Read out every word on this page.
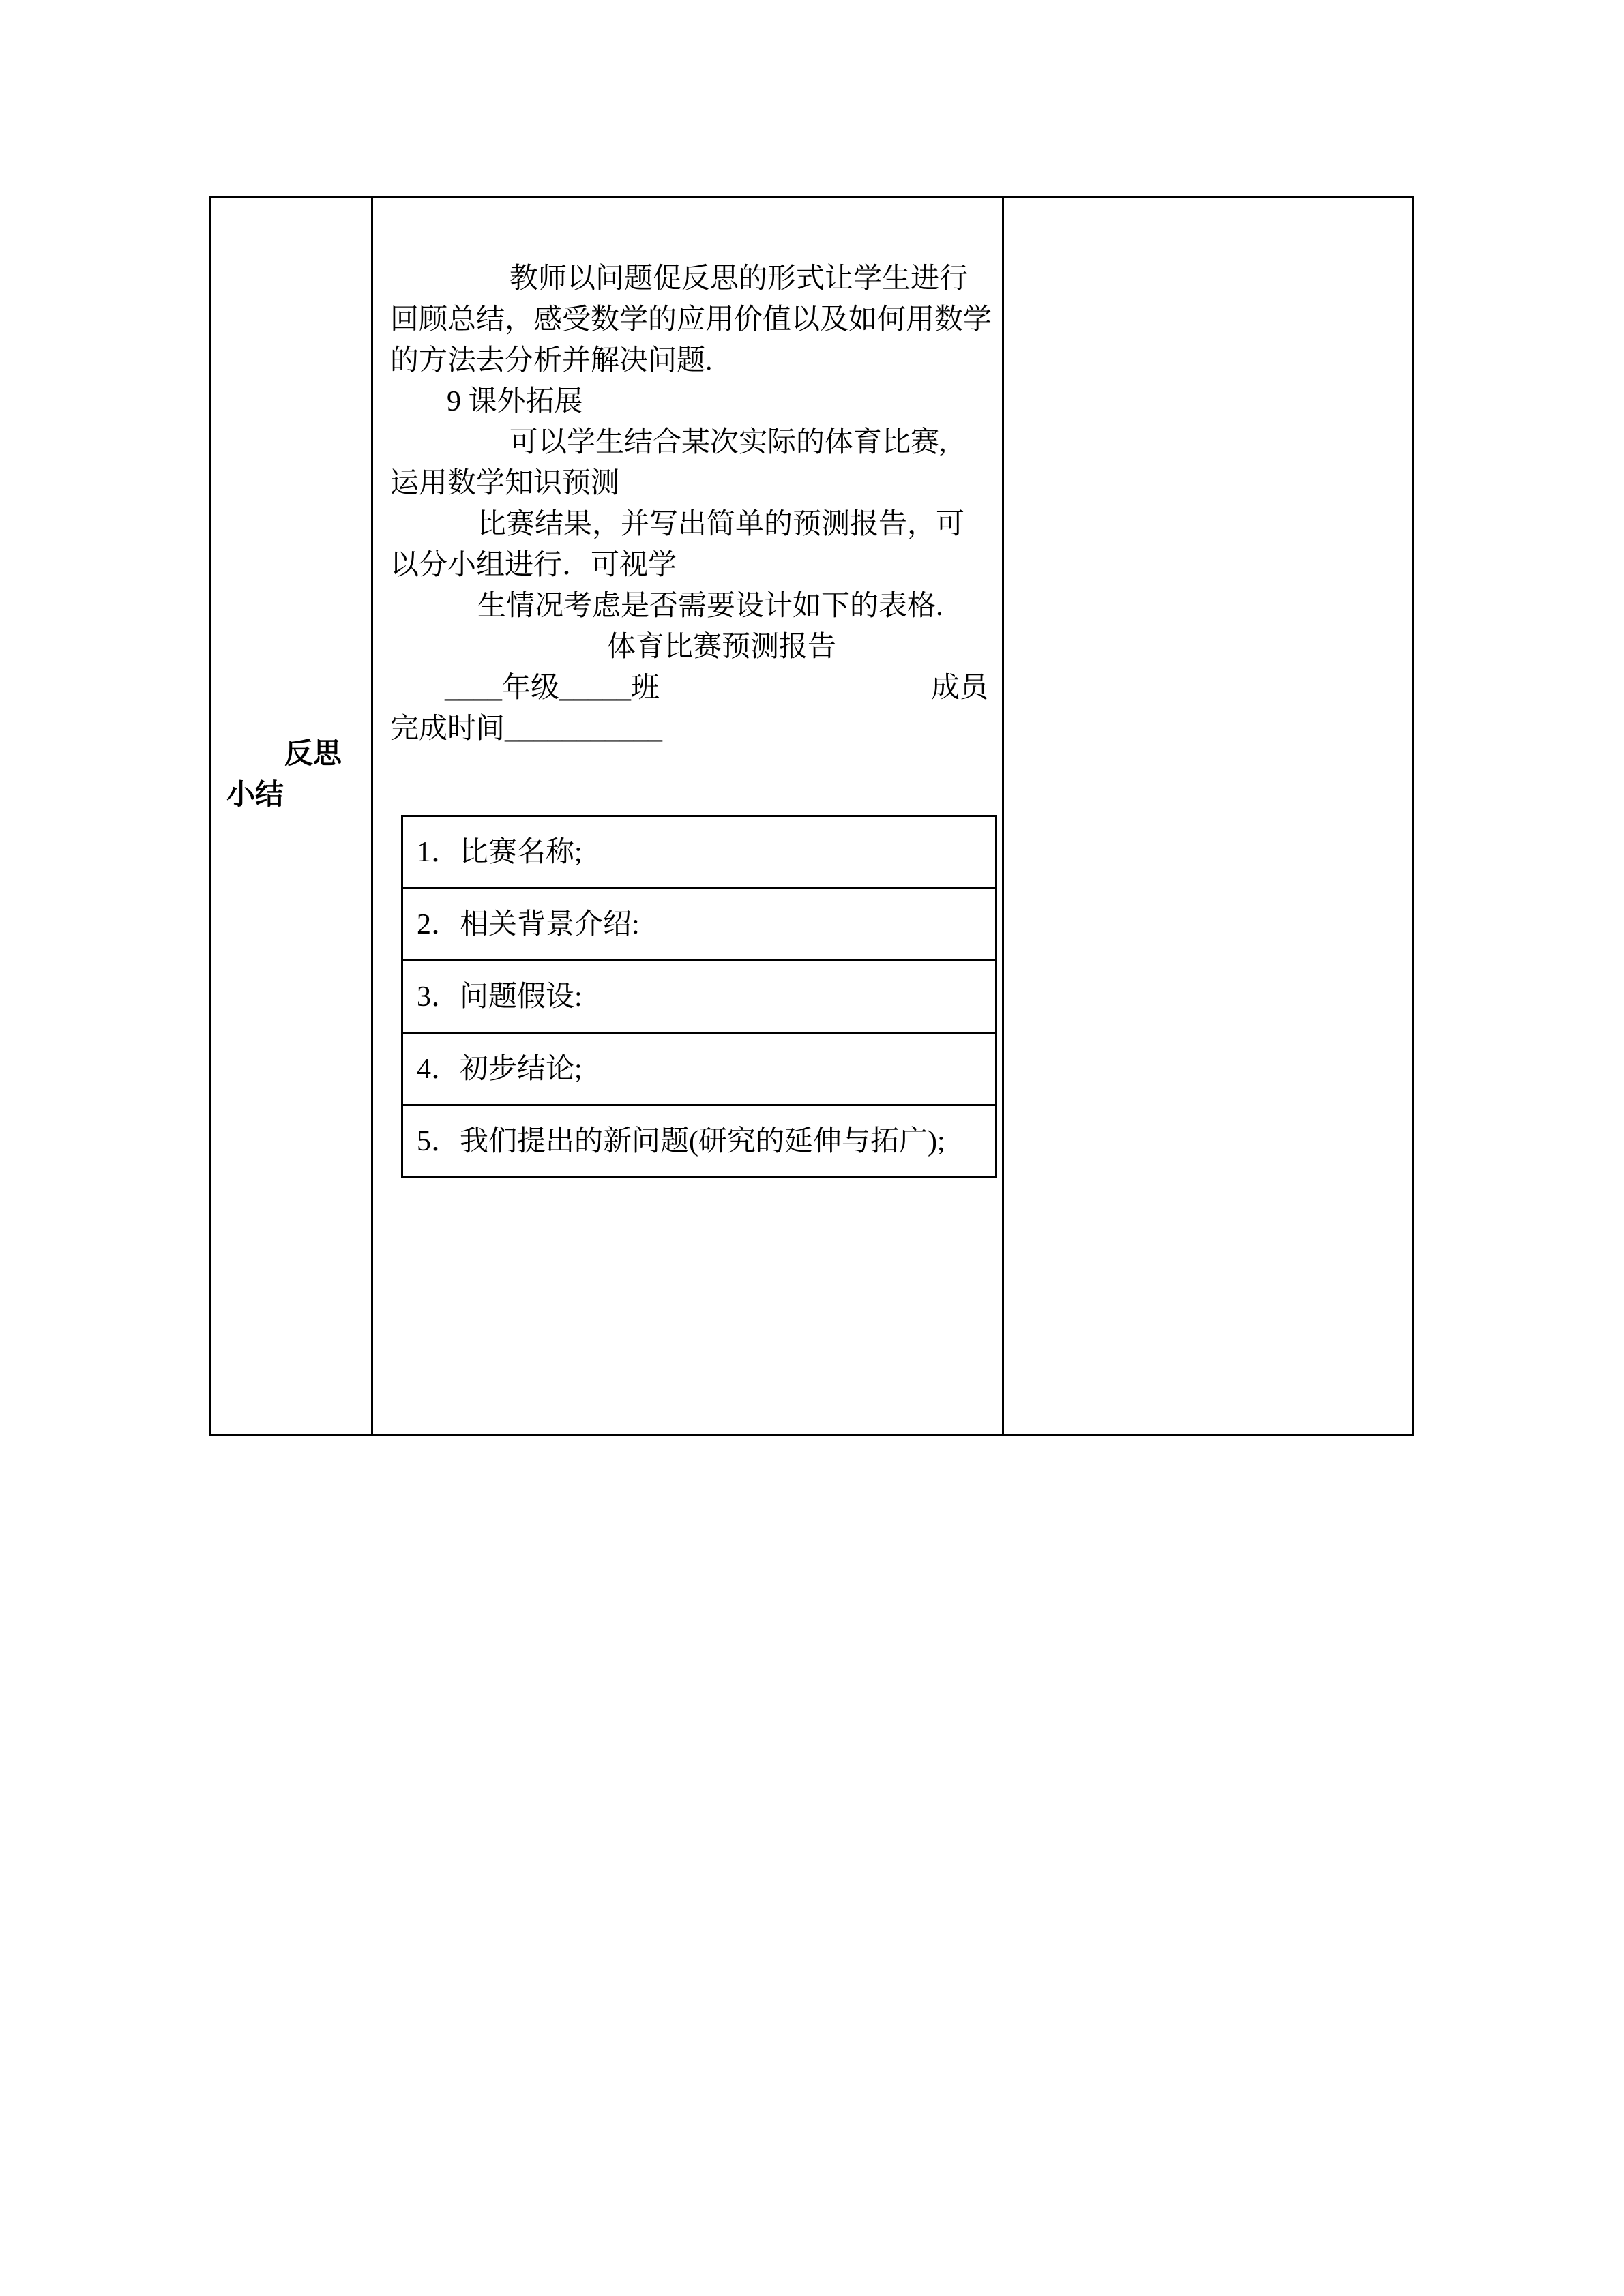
反思
小结
教师以问题促反思的形式让学生进行
回顾总结，感受数学的应用价值以及如何用数学
的方法去分析并解决问题.
9 课外拓展
可以学生结合某次实际的体育比赛,
运用数学知识预测
比赛结果，并写出简单的预测报告，可
以分小组进行．可视学
生情况考虑是否需要设计如下的表格.
体育比赛预测报告
____年级_____班	成员
完成时间___________
1．比赛名称;
2．相关背景介绍:
3．问题假设:
4．初步结论;
5．我们提出的新问题(研究的延伸与拓广);
